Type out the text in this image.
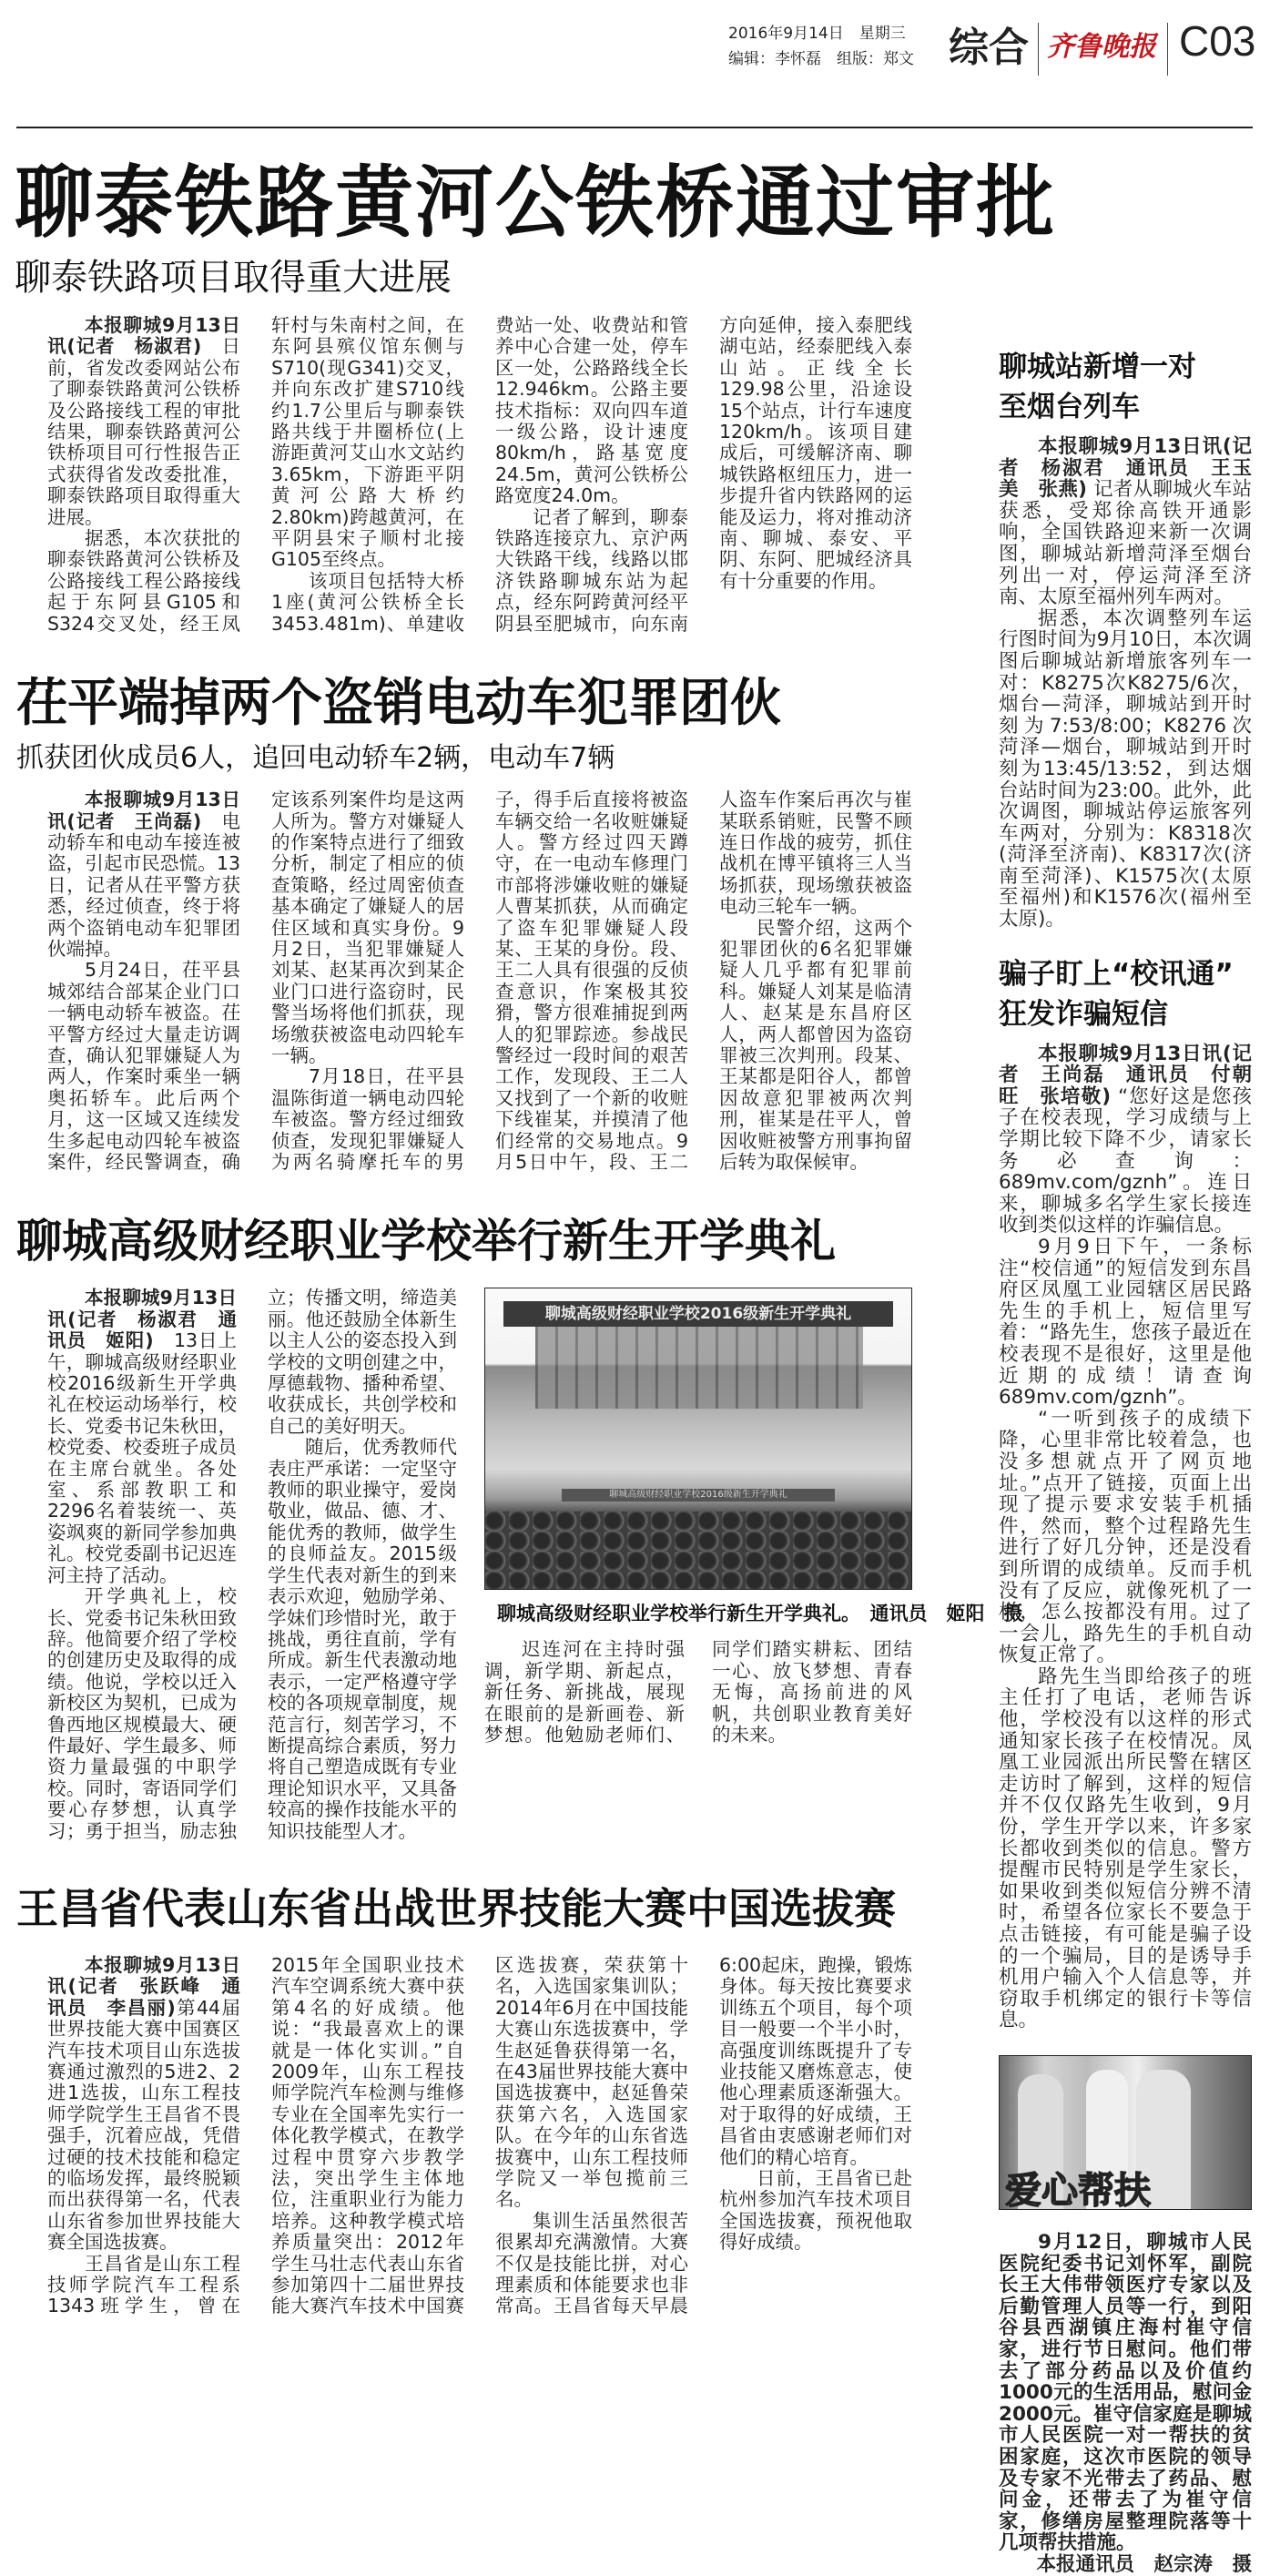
2016年9月14日　星期三
编辑：李怀磊　组版：郑文 综合 齐鲁晚报 C03
聊泰铁路黄河公铁桥通过审批
聊泰铁路项目取得重大进展

本报聊城9月13日讯(记者　杨淑君)　 日前，省发改委网站公布了聊泰铁路黄河公铁桥及公路接线工程的审批结果，聊泰铁路黄河公铁桥项目可行性报告正式获得省发改委批准，聊泰铁路项目取得重大进展。

据悉，本次获批的聊泰铁路黄河公铁桥及公路接线工程公路接线起于东阿县G105和S324交叉处，经王凤轩村与朱南村之间，在东阿县殡仪馆东侧与S710(现G341)交叉，并向东改扩建S710线约1.7公里后与聊泰铁路共线于井圈桥位(上游距黄河艾山水文站约3.65km，下游距平阴黄河公路大桥约2.80km)跨越黄河，在平阴县宋子顺村北接G105至终点。

该项目包括特大桥1座(黄河公铁桥全长3453.481m)、单建收费站一处、收费站和管养中心合建一处，停车区一处，公路路线全长12.946km。公路主要技术指标：双向四车道一级公路，设计速度80km/h，路基宽度24.5m，黄河公铁桥公路宽度24.0m。

记者了解到，聊泰铁路连接京九、京沪两大铁路干线，线路以邯济铁路聊城东站为起点，经东阿跨黄河经平阴县至肥城市，向东南方向延伸，接入泰肥线湖屯站，经泰肥线入泰山站。正线全长129.98公里，沿途设15个站点，计行车速度120km/h。该项目建成后，可缓解济南、聊城铁路枢纽压力，进一步提升省内铁路网的运能及运力，将对推动济南、聊城、泰安、平阴、东阿、肥城经济具有十分重要的作用。

茌平端掉两个盗销电动车犯罪团伙
抓获团伙成员6人，追回电动轿车2辆，电动车7辆

本报聊城9月13日讯(记者　王尚磊)　 电动轿车和电动车接连被盗，引起市民恐慌。13日，记者从茌平警方获悉，经过侦查，终于将两个盗销电动车犯罪团伙端掉。

5月24日，茌平县城郊结合部某企业门口一辆电动轿车被盗。茌平警方经过大量走访调查，确认犯罪嫌疑人为两人，作案时乘坐一辆奥拓轿车。此后两个月，这一区域又连续发生多起电动四轮车被盗案件，经民警调查，确定该系列案件均是这两人所为。警方对嫌疑人的作案特点进行了细致分析，制定了相应的侦查策略，经过周密侦查基本确定了嫌疑人的居住区域和真实身份。9月2日，当犯罪嫌疑人刘某、赵某再次到某企业门口进行盗窃时，民警当场将他们抓获，现场缴获被盗电动四轮车一辆。

7月18日，茌平县温陈街道一辆电动四轮车被盗。警方经过细致侦查，发现犯罪嫌疑人为两名骑摩托车的男子，得手后直接将被盗车辆交给一名收赃嫌疑人。警方经过四天蹲守，在一电动车修理门市部将涉嫌收赃的嫌疑人曹某抓获，从而确定了盗车犯罪嫌疑人段某、王某的身份。段、王二人具有很强的反侦查意识，作案极其狡猾，警方很难捕捉到两人的犯罪踪迹。参战民警经过一段时间的艰苦工作，发现段、王二人又找到了一个新的收赃下线崔某，并摸清了他们经常的交易地点。9月5日中午，段、王二人盗车作案后再次与崔某联系销赃，民警不顾连日作战的疲劳，抓住战机在博平镇将三人当场抓获，现场缴获被盗电动三轮车一辆。

民警介绍，这两个犯罪团伙的6名犯罪嫌疑人几乎都有犯罪前科。嫌疑人刘某是临清人、赵某是东昌府区人，两人都曾因为盗窃罪被三次判刑。段某、王某都是阳谷人，都曾因故意犯罪被两次判刑，崔某是茌平人，曾因收赃被警方刑事拘留后转为取保候审。

聊城高级财经职业学校举行新生开学典礼

本报聊城9月13日讯(记者　杨淑君　通讯员　姬阳)　 13日上午，聊城高级财经职业校2016级新生开学典礼在校运动场举行，校长、党委书记朱秋田，校党委、校委班子成员在主席台就坐。各处室、系部教职工和2296名着装统一、英姿飒爽的新同学参加典礼。校党委副书记迟连河主持了活动。

开学典礼上，校长、党委书记朱秋田致辞。他简要介绍了学校的创建历史及取得的成绩。他说，学校以迁入新校区为契机，已成为鲁西地区规模最大、硬件最好、学生最多、师资力量最强的中职学校。同时，寄语同学们要心存梦想，认真学习；勇于担当，励志独立；传播文明，缔造美丽。他还鼓励全体新生以主人公的姿态投入到学校的文明创建之中，厚德载物、播种希望、收获成长，共创学校和自己的美好明天。

随后，优秀教师代表庄严承诺：一定坚守教师的职业操守，爱岗敬业，做品、德、才、能优秀的教师，做学生的良师益友。2015级学生代表对新生的到来表示欢迎，勉励学弟、学妹们珍惜时光，敢于挑战，勇往直前，学有所成。新生代表激动地表示，一定严格遵守学校的各项规章制度，规范言行，刻苦学习，不断提高综合素质，努力将自己塑造成既有专业理论知识水平，又具备较高的操作技能水平的知识技能型人才。

聊城高级财经职业学校2016级新生开学典礼
聊城高级财经职业学校2016级新生开学典礼
聊城高级财经职业学校举行新生开学典礼。　通讯员　姬阳　摄

迟连河在主持时强调，新学期、新起点，新任务、新挑战，展现在眼前的是新画卷、新梦想。他勉励老师们、同学们踏实耕耘、团结一心、放飞梦想、青春无悔，高扬前进的风帆，共创职业教育美好的未来。

王昌省代表山东省出战世界技能大赛中国选拔赛

本报聊城9月13日讯(记者　张跃峰　通讯员　李昌丽)第44届世界技能大赛中国赛区汽车技术项目山东选拔赛通过激烈的5进2、2进1选拔，山东工程技师学院学生王昌省不畏强手，沉着应战，凭借过硬的技术技能和稳定的临场发挥，最终脱颖而出获得第一名，代表山东省参加世界技能大赛全国选拔赛。

王昌省是山东工程技师学院汽车工程系1343班学生，曾在2015年全国职业技术汽车空调系统大赛中获第4名的好成绩。他说：“我最喜欢上的课就是一体化实训。”自2009年，山东工程技师学院汽车检测与维修专业在全国率先实行一体化教学模式，在教学过程中贯穿六步教学法，突出学生主体地位，注重职业行为能力培养。这种教学模式培养质量突出：2012年学生马壮志代表山东省参加第四十二届世界技能大赛汽车技术中国赛区选拔赛，荣获第十名，入选国家集训队；2014年6月在中国技能大赛山东选拔赛中，学生赵延鲁获得第一名，在43届世界技能大赛中国选拔赛中，赵延鲁荣获第六名，入选国家队。在今年的山东省选拔赛中，山东工程技师学院又一举包揽前三名。

集训生活虽然很苦很累却充满激情。大赛不仅是技能比拼，对心理素质和体能要求也非常高。王昌省每天早晨6:00起床，跑操，锻炼身体。每天按比赛要求训练五个项目，每个项目一般要一个半小时，高强度训练既提升了专业技能又磨炼意志，使他心理素质逐渐强大。对于取得的好成绩，王昌省由衷感谢老师们对他们的精心培育。

日前，王昌省已赴杭州参加汽车技术项目全国选拔赛，预祝他取得好成绩。

聊城站新增一对
至烟台列车

本报聊城9月13日讯(记者　杨淑君　通讯员　王玉美　张燕) 记者从聊城火车站获悉，受郑徐高铁开通影响，全国铁路迎来新一次调图，聊城站新增菏泽至烟台列出一对，停运菏泽至济南、太原至福州列车两对。

据悉，本次调整列车运行图时间为9月10日，本次调图后聊城站新增旅客列车一对：K8275次K8275/6次，烟台—菏泽，聊城站到开时刻为7:53/8:00；K8276次菏泽—烟台，聊城站到开时刻为13:45/13:52，到达烟台站时间为23:00。此外，此次调图，聊城站停运旅客列车两对，分别为：K8318次(菏泽至济南)、K8317次(济南至菏泽)、K1575次(太原至福州)和K1576次(福州至太原)。

骗子盯上“校讯通”
狂发诈骗短信

本报聊城9月13日讯(记者　王尚磊　通讯员　付朝旺　张培敬) “您好这是您孩子在校表现，学习成绩与上学期比较下降不少，请家长务必查询：689mv.com/gznh”。连日来，聊城多名学生家长接连收到类似这样的诈骗信息。

9月9日下午，一条标注“校信通”的短信发到东昌府区凤凰工业园辖区居民路先生的手机上，短信里写着：“路先生，您孩子最近在校表现不是很好，这里是他近期的成绩！请查询689mv.com/gznh”。

“一听到孩子的成绩下降，心里非常比较着急，也没多想就点开了网页地址。”点开了链接，页面上出现了提示要求安装手机插件，然而，整个过程路先生进行了好几分钟，还是没看到所谓的成绩单。反而手机没有了反应，就像死机了一样，怎么按都没有用。过了一会儿，路先生的手机自动恢复正常了。

路先生当即给孩子的班主任打了电话，老师告诉他，学校没有以这样的形式通知家长孩子在校情况。凤凰工业园派出所民警在辖区走访时了解到，这样的短信并不仅仅路先生收到，9月份，学生开学以来，许多家长都收到类似的信息。警方提醒市民特别是学生家长，如果收到类似短信分辨不清时，希望各位家长不要急于点击链接，有可能是骗子设的一个骗局，目的是诱导手机用户输入个人信息等，并窃取手机绑定的银行卡等信息。

爱心帮扶

9月12日，聊城市人民医院纪委书记刘怀军，副院长王大伟带领医疗专家以及后勤管理人员等一行，到阳谷县西湖镇庄海村崔守信家，进行节日慰问。他们带去了部分药品以及价值约1000元的生活用品，慰问金2000元。崔守信家庭是聊城市人民医院一对一帮扶的贫困家庭，这次市医院的领导及专家不光带去了药品、慰问金，还带去了为崔守信家，修缮房屋整理院落等十几项帮扶措施。

本报通讯员　赵宗涛　摄
